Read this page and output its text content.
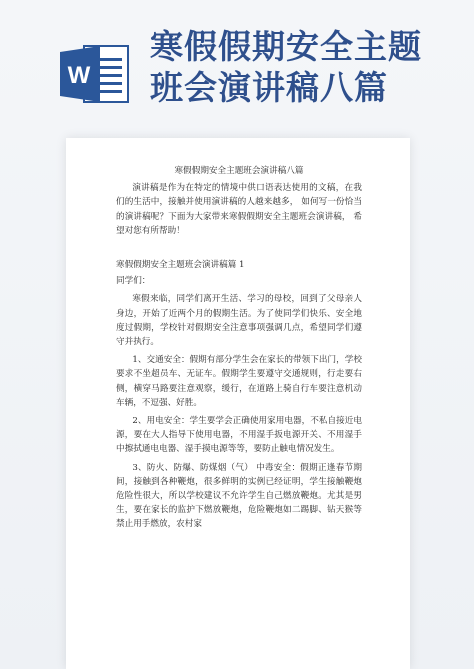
W
寒假假期安全主题
班会演讲稿八篇
寒假假期安全主题班会演讲稿八篇

演讲稿是作为在特定的情境中供口语表达使用的文稿，在我们的生活中，接触并使用演讲稿的人越来越多， 如何写一份恰当的演讲稿呢？下面为大家带来寒假假期安全主题班会演讲稿， 希望对您有所帮助！

寒假假期安全主题班会演讲稿篇 1

同学们：

寒假来临，同学们离开生活、学习的母校，回到了父母亲人身边，开始了近两个月的假期生活。为了使同学们快乐、安全地度过假期，学校针对假期安全注意事项强调几点，希望同学们遵守并执行。

1、交通安全：假期有部分学生会在家长的带领下出门，学校要求不坐超员车、无证车。假期学生要遵守交通规则，行走要右侧，横穿马路要注意观察，缓行，在道路上骑自行车要注意机动车辆，不逗强、好胜。

2、用电安全：学生要学会正确使用家用电器，不私自接近电源，要在大人指导下使用电器，不用湿手扳电源开关、不用湿手中擦拭通电电器、湿手摸电源等等，要防止触电情况发生。

3、防火、防爆、防煤烟（气） 中毒安全：假期正逢春节期间，接触到各种鞭炮，很多鲜明的实例已经证明，学生接触鞭炮危险性很大，所以学校建议不允许学生自己燃放鞭炮。尤其是男生，要在家长的监护下燃放鞭炮，危险鞭炮如二踢脚、钻天猴等禁止用手燃放，农村家
